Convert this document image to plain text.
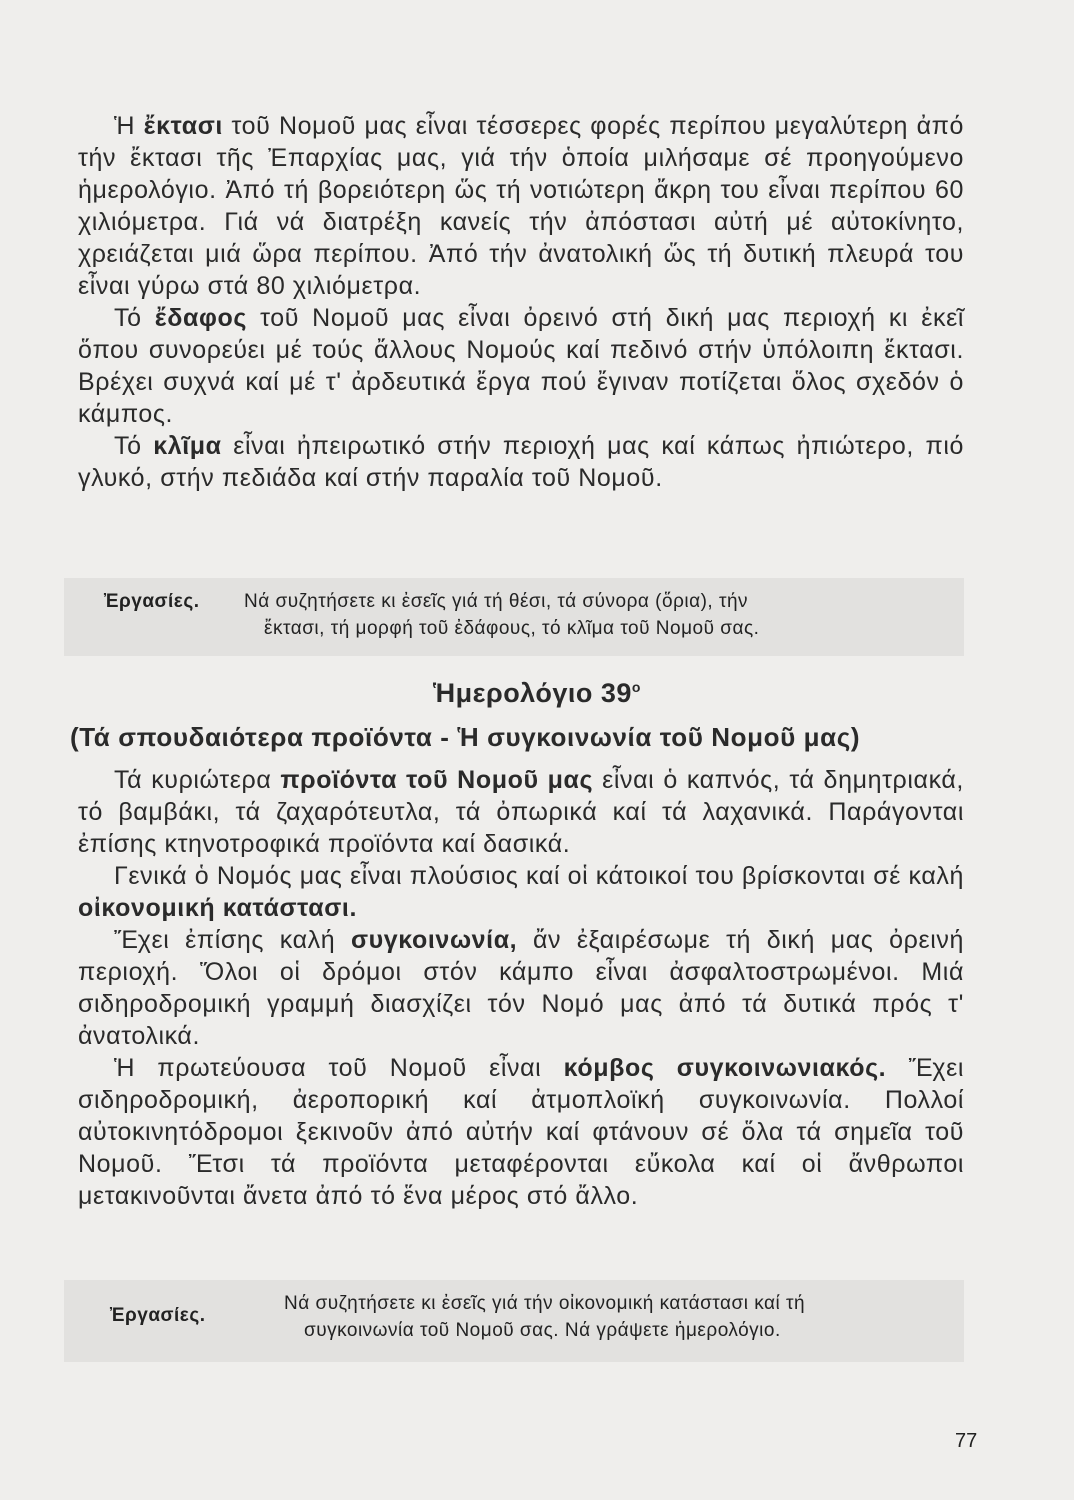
Ἡ ἔκτασι τοῦ Νομοῦ μας εἶναι τέσσερες φορές περίπου μεγαλύτερη ἀπό τήν ἔκτασι τῆς Ἐπαρχίας μας, γιά τήν ὁποία μιλήσαμε σέ προηγούμενο ἡμερολόγιο. Ἀπό τή βορειότερη ὥς τή νοτιώτερη ἄκρη του εἶναι περίπου 60 χιλιόμετρα. Γιά νά διατρέξη κανείς τήν ἀπόστασι αὐτή μέ αὐτοκίνητο, χρειάζεται μιά ὥρα περίπου. Ἀπό τήν ἀνατολική ὥς τή δυτική πλευρά του εἶναι γύρω στά 80 χιλιόμετρα.

Τό ἔδαφος τοῦ Νομοῦ μας εἶναι ὀρεινό στή δική μας περιοχή κι ἐκεῖ ὅπου συνορεύει μέ τούς ἄλλους Νομούς καί πεδινό στήν ὑπόλοιπη ἔκτασι. Βρέχει συχνά καί μέ τ' ἀρδευτικά ἔργα πού ἔγιναν ποτίζεται ὅλος σχεδόν ὁ κάμπος.

Τό κλῖμα εἶναι ἠπειρωτικό στήν περιοχή μας καί κάπως ἠπιώτερο, πιό γλυκό, στήν πεδιάδα καί στήν παραλία τοῦ Νομοῦ.

Ἐργασίες. Νά συζητήσετε κι ἐσεῖς γιά τή θέσι, τά σύνορα (ὅρια), τήν
ἔκτασι, τή μορφή τοῦ ἐδάφους, τό κλῖμα τοῦ Νομοῦ σας.
Ἡμερολόγιο $39^o$
(Τά σπουδαιότερα προϊόντα - Ἡ συγκοινωνία τοῦ Νομοῦ μας)

Τά κυριώτερα προϊόντα τοῦ Νομοῦ μας εἶναι ὁ καπνός, τά δημητριακά, τό βαμβάκι, τά ζαχαρότευτλα, τά ὀπωρικά καί τά λαχανικά. Παράγονται ἐπίσης κτηνοτροφικά προϊόντα καί δασικά.

Γενικά ὁ Νομός μας εἶναι πλούσιος καί οἱ κάτοικοί του βρίσκονται σέ καλή οἰκονομική κατάστασι.

Ἔχει ἐπίσης καλή συγκοινωνία, ἄν ἐξαιρέσωμε τή δική μας ὀρεινή περιοχή. Ὅλοι οἱ δρόμοι στόν κάμπο εἶναι ἀσφαλτοστρωμένοι. Μιά σιδηροδρομική γραμμή διασχίζει τόν Νομό μας ἀπό τά δυτικά πρός τ' ἀνατολικά.

Ἡ πρωτεύουσα τοῦ Νομοῦ εἶναι κόμβος συγκοινωνιακός. Ἔχει σιδηροδρομική, ἀεροπορική καί ἀτμοπλοϊκή συγκοινωνία. Πολλοί αὐτοκινητόδρομοι ξεκινοῦν ἀπό αὐτήν καί φτάνουν σέ ὅλα τά σημεῖα τοῦ Νομοῦ. Ἔτσι τά προϊόντα μεταφέρονται εὔκολα καί οἱ ἄνθρωποι μετακινοῦνται ἄνετα ἀπό τό ἕνα μέρος στό ἄλλο.

Ἐργασίες.
Νά συζητήσετε κι ἐσεῖς γιά τήν οἰκονομική κατάστασι καί τή
συγκοινωνία τοῦ Νομοῦ σας. Νά γράψετε ἡμερολόγιο.
77
